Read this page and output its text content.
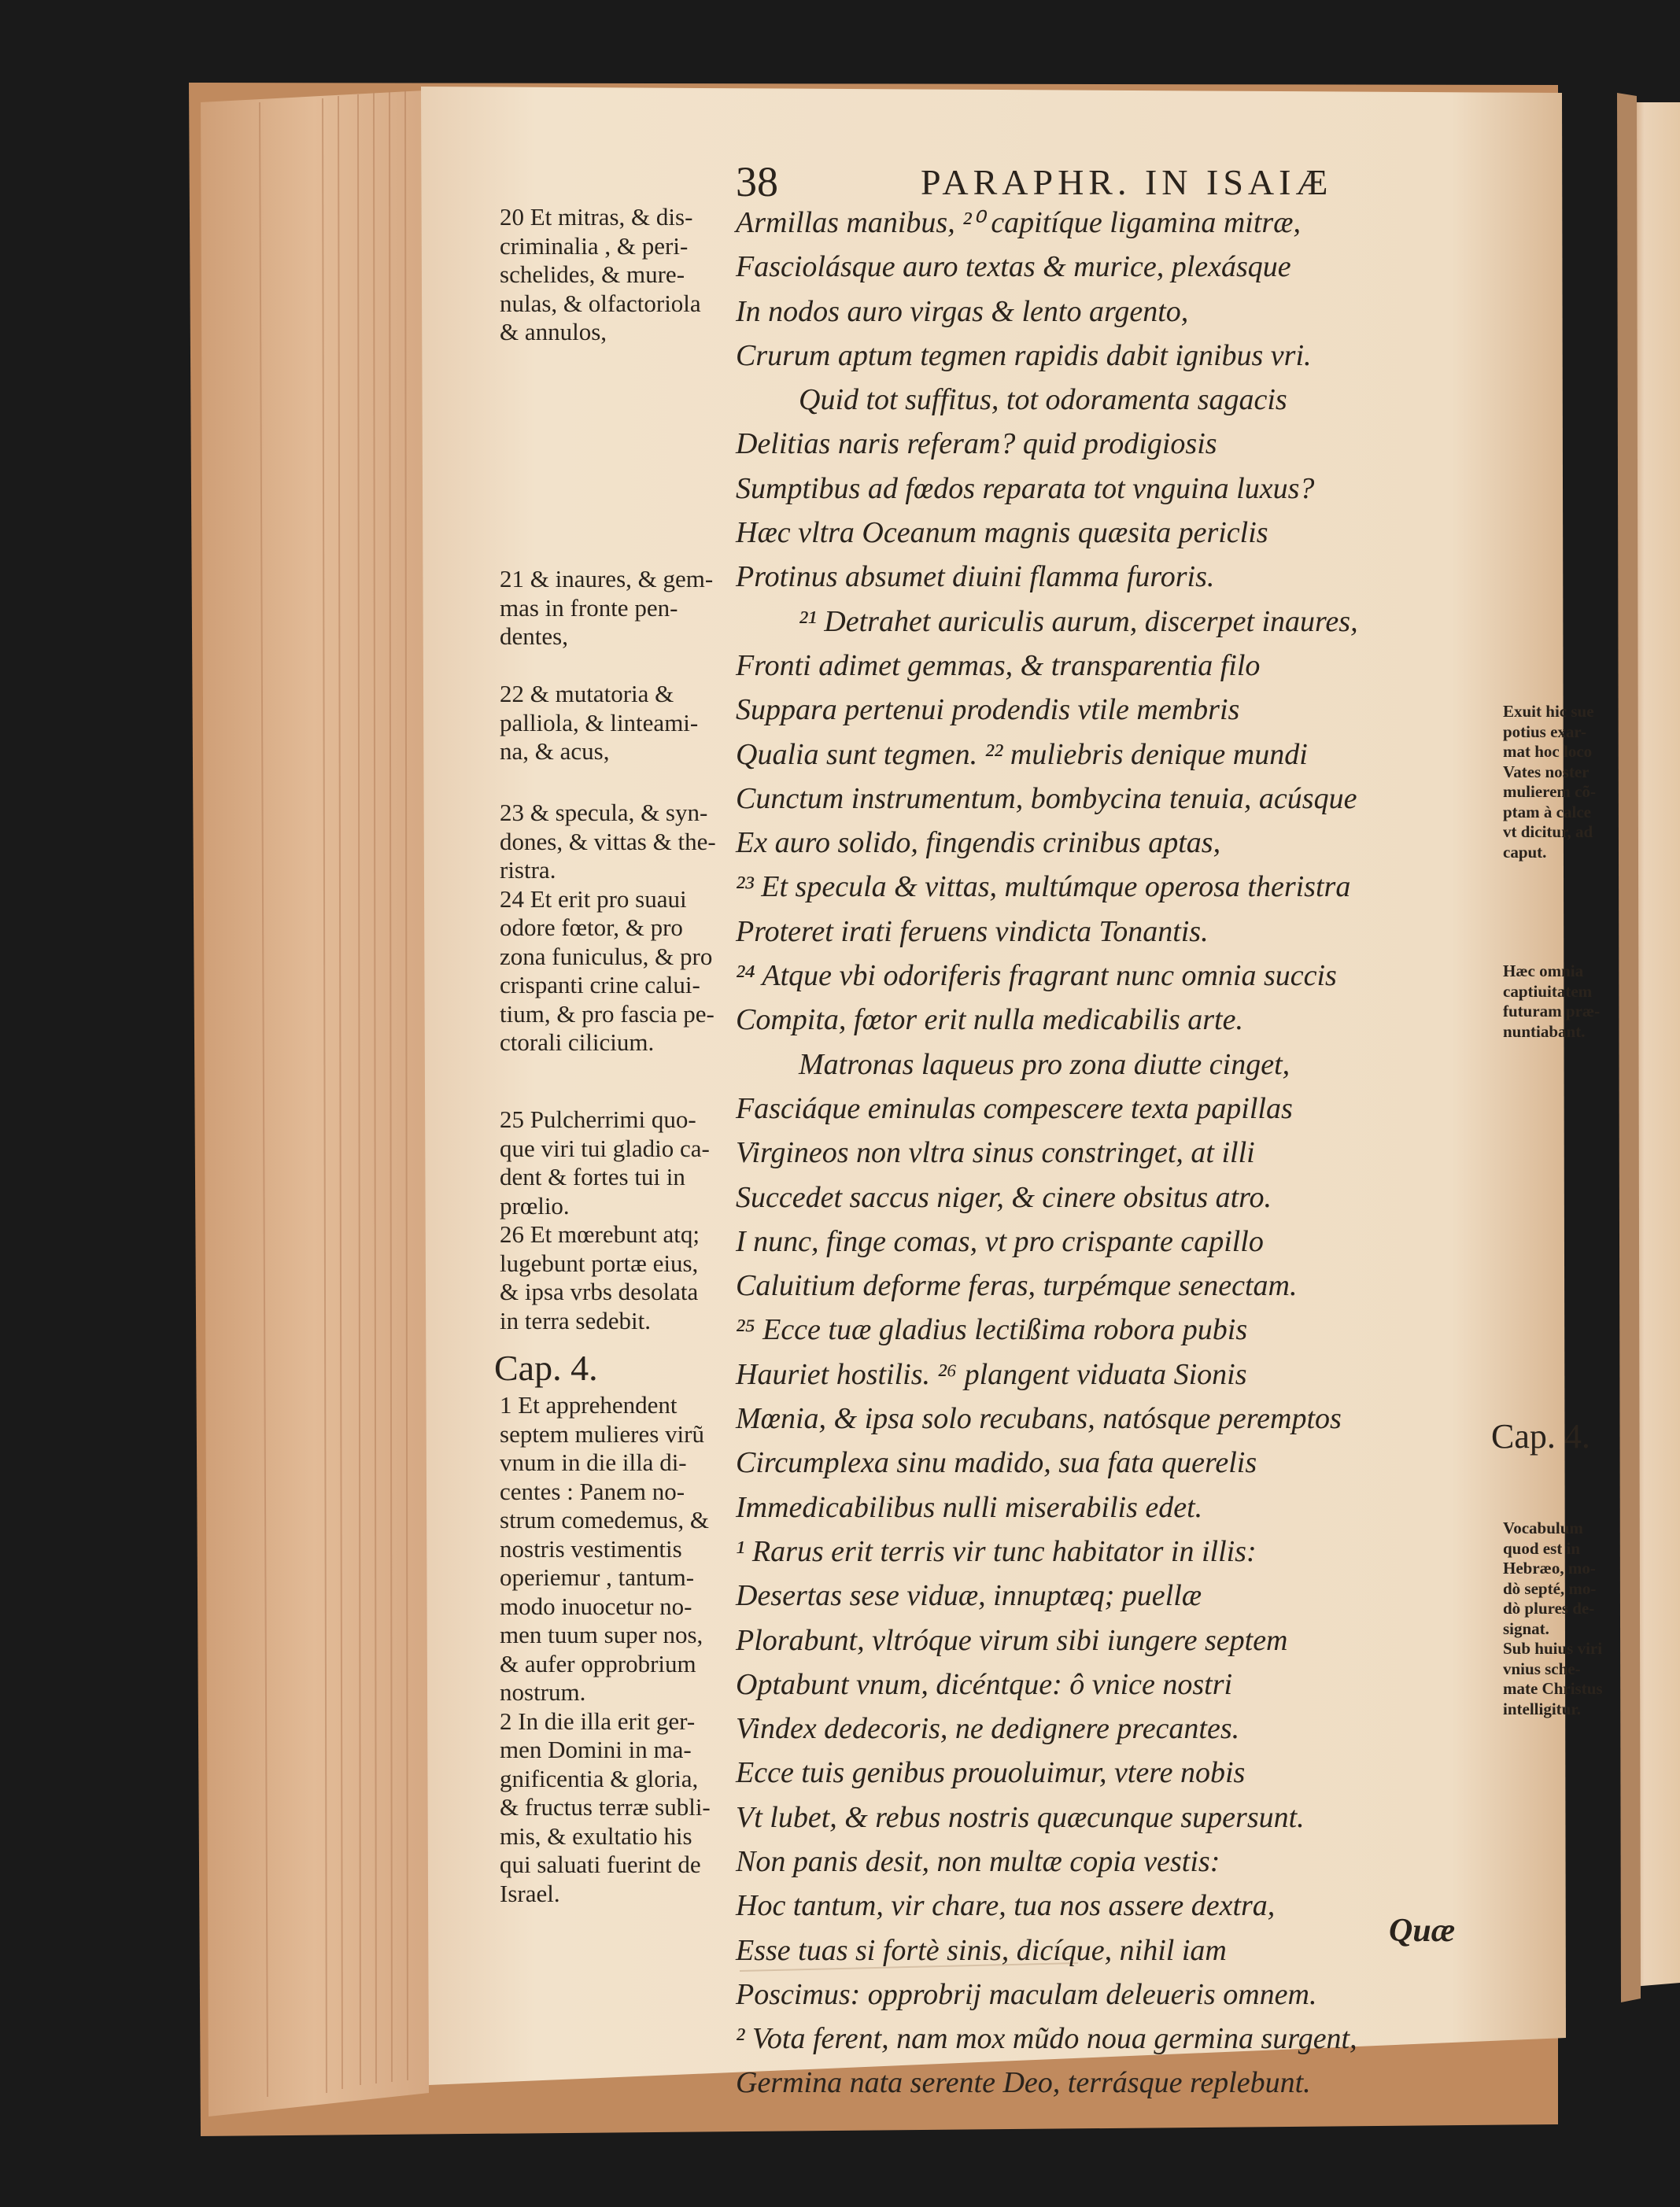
38	PARAPHR. IN ISAIÆ
20 Et mitras, & dis-
criminalia , & peri-
schelides, & mure-
nulas, & olfactoriola
& annulos,
21 & inaures, & gem-
mas in fronte pen-
dentes,
22 & mutatoria &
palliola, & linteami-
na, & acus,
23 & specula, & syn-
dones, & vittas & the-
ristra.
24 Et erit pro suaui
odore fœtor, & pro
zona funiculus, & pro
crispanti crine calui-
tium, & pro fascia pe-
ctorali cilicium.
25 Pulcherrimi quo-
que viri tui gladio ca-
dent & fortes tui in
prœlio.
26 Et mœrebunt atq;
lugebunt portæ eius,
& ipsa vrbs desolata
in terra sedebit.
Cap. 4.
1 Et apprehendent
septem mulieres virũ
vnum in die illa di-
centes : Panem no-
strum comedemus, &
nostris vestimentis
operiemur , tantum-
modo inuocetur no-
men tuum super nos,
& aufer opprobrium
nostrum.
2 In die illa erit ger-
men Domini in ma-
gnificentia & gloria,
& fructus terræ subli-
mis, & exultatio his
qui saluati fuerint de
Israel.
Armillas manibus, ²⁰ capitíque ligamina mitræ,
Fasciolásque auro textas & murice, plexásque
In nodos auro virgas & lento argento,
Crurum aptum tegmen rapidis dabit ignibus vri.
Quid tot suffitus, tot odoramenta sagacis
Delitias naris referam? quid prodigiosis
Sumptibus ad fœdos reparata tot vnguina luxus?
Hæc vltra Oceanum magnis quæsita periclis
Protinus absumet diuini flamma furoris.
²¹ Detrahet auriculis aurum, discerpet inaures,
Fronti adimet gemmas, & transparentia filo
Suppara pertenui prodendis vtile membris
Qualia sunt tegmen. ²² muliebris denique mundi
Cunctum instrumentum, bombycina tenuia, acúsque
Ex auro solido, fingendis crinibus aptas,
²³ Et specula & vittas, multúmque operosa theristra
Proteret irati feruens vindicta Tonantis.
²⁴ Atque vbi odoriferis fragrant nunc omnia succis
Compita, fœtor erit nulla medicabilis arte.
Matronas laqueus pro zona diutte cinget,
Fasciáque eminulas compescere texta papillas
Virgineos non vltra sinus constringet, at illi
Succedet saccus niger, & cinere obsitus atro.
I nunc, finge comas, vt pro crispante capillo
Caluitium deforme feras, turpémque senectam.
²⁵ Ecce tuæ gladius lectißima robora pubis
Hauriet hostilis. ²⁶ plangent viduata Sionis
Mœnia, & ipsa solo recubans, natósque peremptos
Circumplexa sinu madido, sua fata querelis
Immedicabilibus nulli miserabilis edet.
¹ Rarus erit terris vir tunc habitator in illis:
Desertas sese viduæ, innuptæq; puellæ
Plorabunt, vltróque virum sibi iungere septem
Optabunt vnum, dicéntque: ô vnice nostri
Vindex dedecoris, ne dedignere precantes.
Ecce tuis genibus prouoluimur, vtere nobis
Vt lubet, & rebus nostris quæcunque supersunt.
Non panis desit, non multæ copia vestis:
Hoc tantum, vir chare, tua nos assere dextra,
Esse tuas si fortè sinis, dicíque, nihil iam
Poscimus: opprobrij maculam deleueris omnem.
² Vota ferent, nam mox mũdo noua germina surgent,
Germina nata serente Deo, terrásque replebunt.
Exuit hic sue
potius exar-
mat hoc loco
Vates noster
mulierem cõ-
ptam à calce
vt dicitur, ad
caput.
Hæc omnia
captiuitatem
futuram præ-
nuntiabant.
Cap. 4.
Vocabulum
quod est in
Hebræo, mo-
dò septé, mo-
dò plures de-
signat.
Sub huius viri
vnius sche-
mate Christus
intelligitur.
Quæ
